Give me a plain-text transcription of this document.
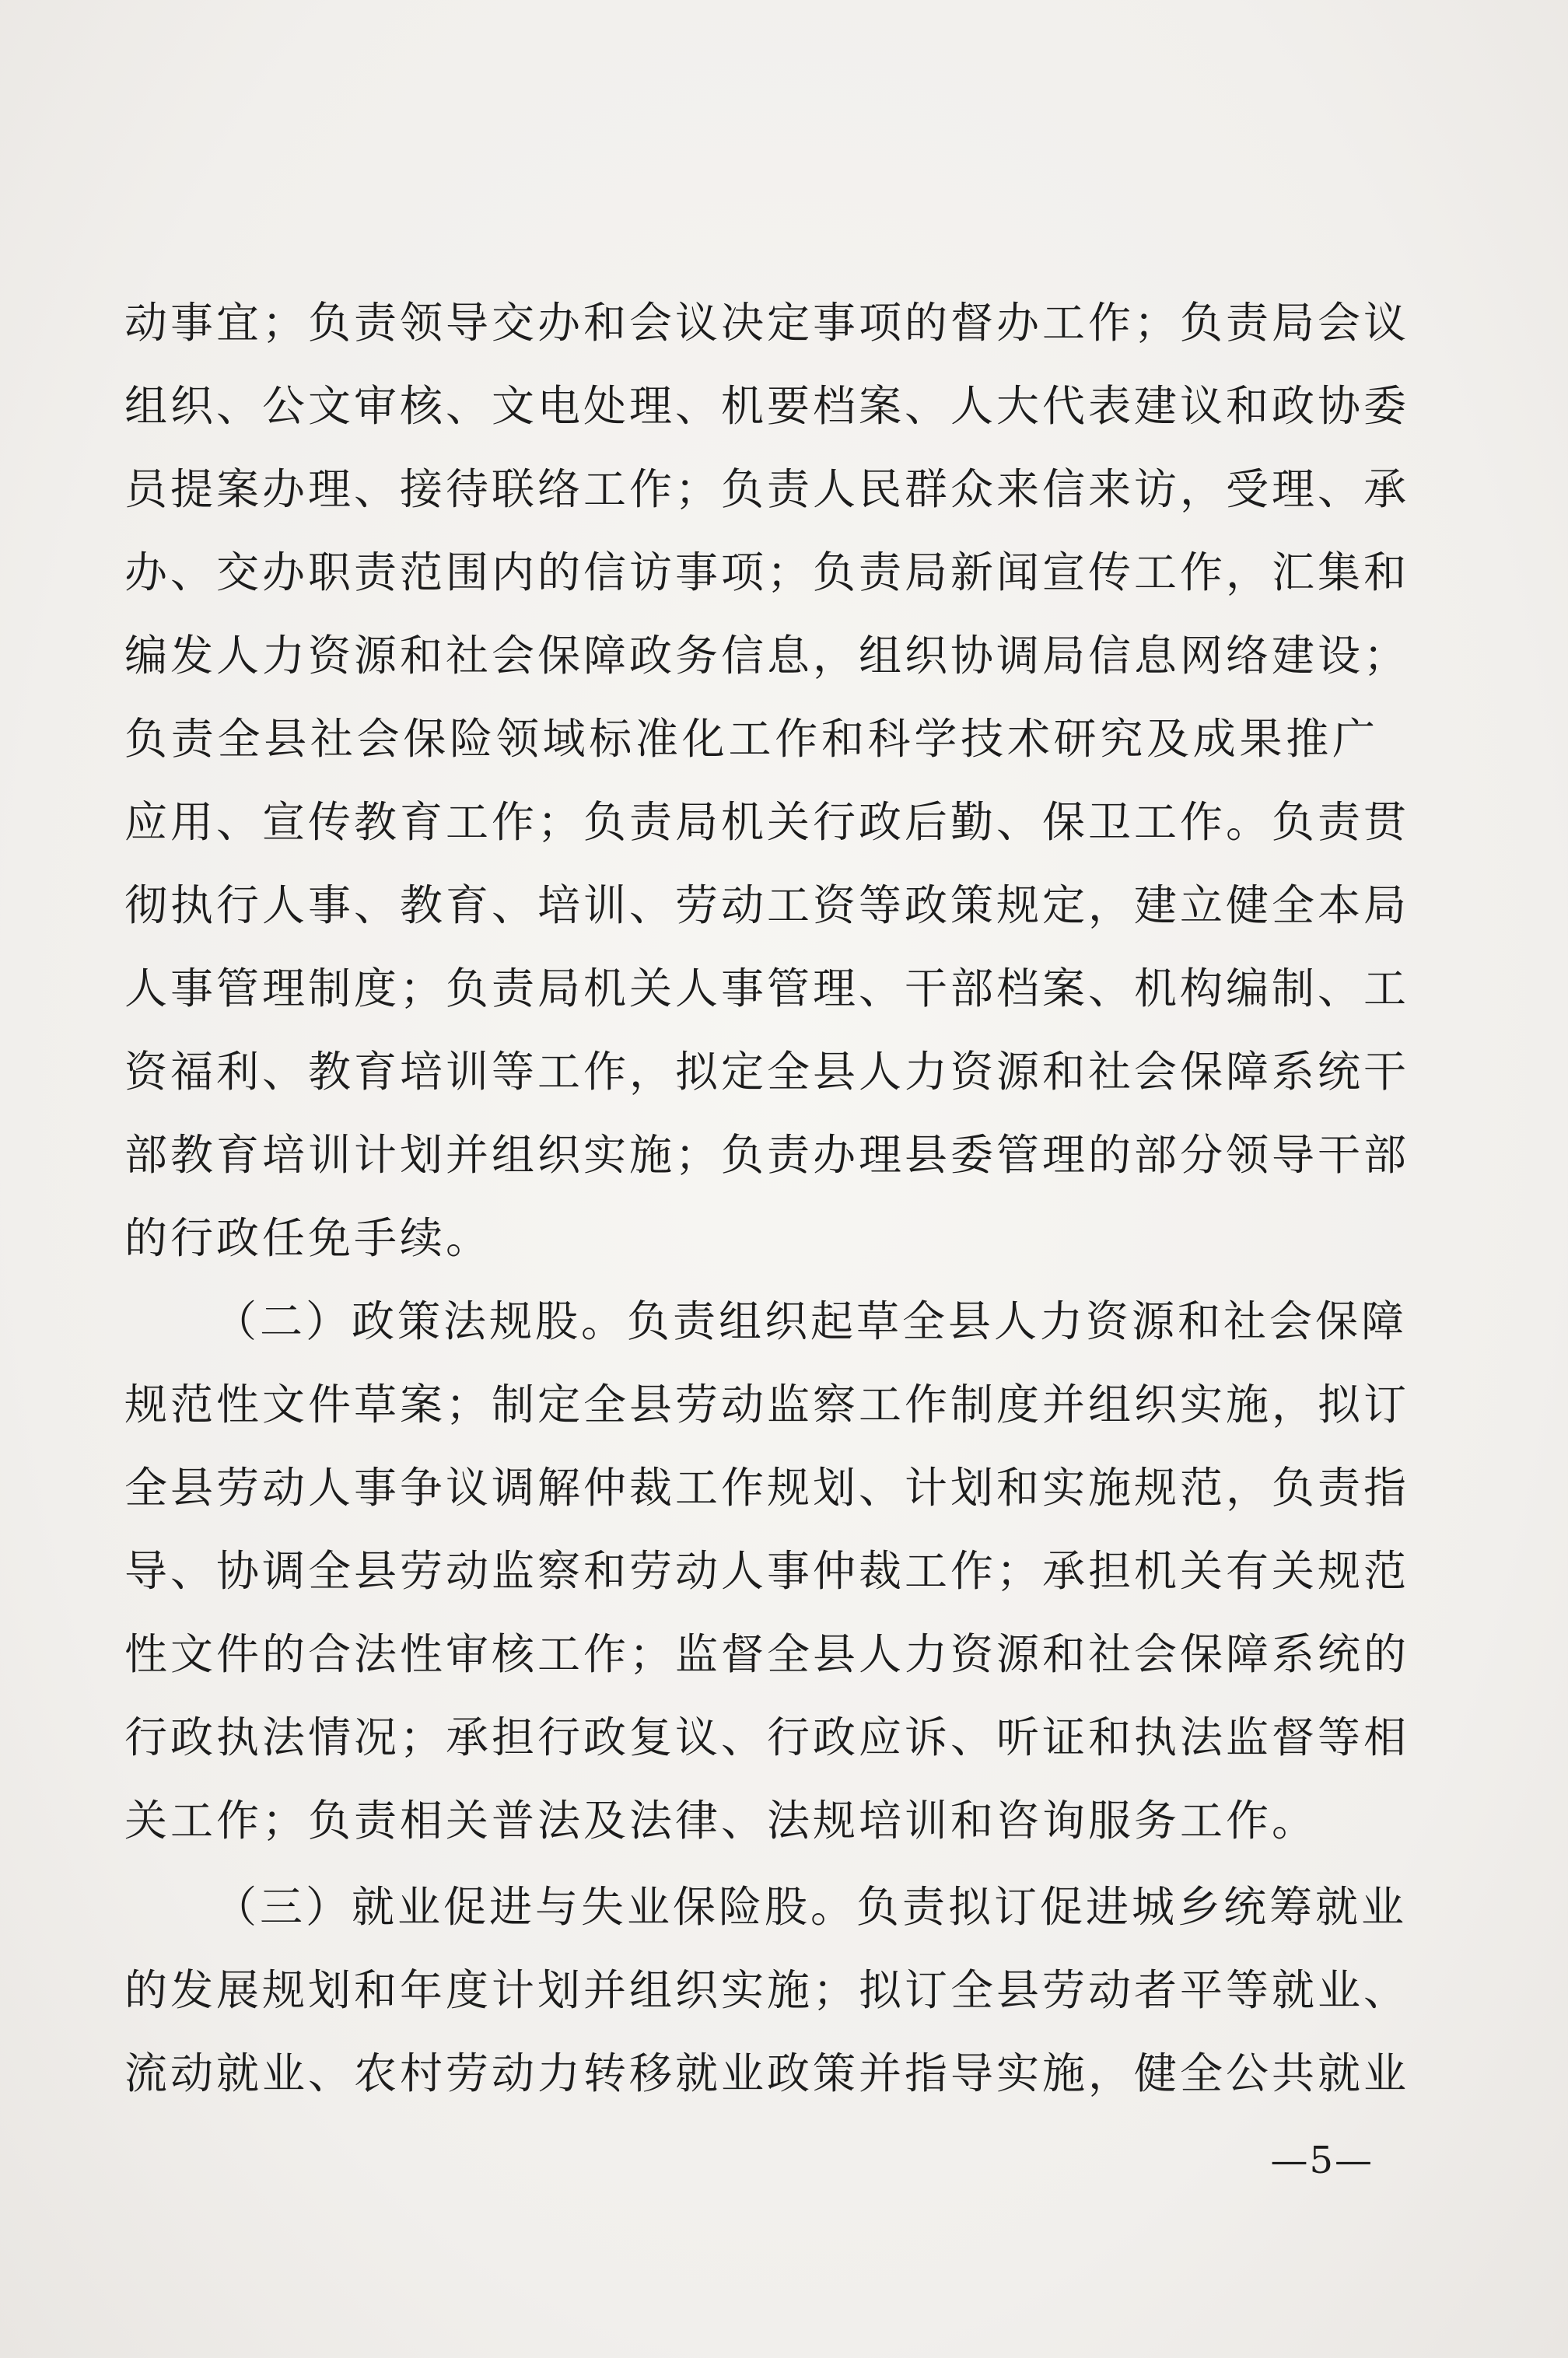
动事宜；负责领导交办和会议决定事项的督办工作；负责局会议
组织、公文审核、文电处理、机要档案、人大代表建议和政协委
员提案办理、接待联络工作；负责人民群众来信来访，受理、承
办、交办职责范围内的信访事项；负责局新闻宣传工作，汇集和
编发人力资源和社会保障政务信息，组织协调局信息网络建设；
负责全县社会保险领域标准化工作和科学技术研究及成果推广
应用、宣传教育工作；负责局机关行政后勤、保卫工作。负责贯
彻执行人事、教育、培训、劳动工资等政策规定，建立健全本局
人事管理制度；负责局机关人事管理、干部档案、机构编制、工
资福利、教育培训等工作，拟定全县人力资源和社会保障系统干
部教育培训计划并组织实施；负责办理县委管理的部分领导干部
的行政任免手续。
（二）政策法规股。负责组织起草全县人力资源和社会保障
规范性文件草案；制定全县劳动监察工作制度并组织实施，拟订
全县劳动人事争议调解仲裁工作规划、计划和实施规范，负责指
导、协调全县劳动监察和劳动人事仲裁工作；承担机关有关规范
性文件的合法性审核工作；监督全县人力资源和社会保障系统的
行政执法情况；承担行政复议、行政应诉、听证和执法监督等相
关工作；负责相关普法及法律、法规培训和咨询服务工作。
（三）就业促进与失业保险股。负责拟订促进城乡统筹就业
的发展规划和年度计划并组织实施；拟订全县劳动者平等就业、
流动就业、农村劳动力转移就业政策并指导实施，健全公共就业
—5—
